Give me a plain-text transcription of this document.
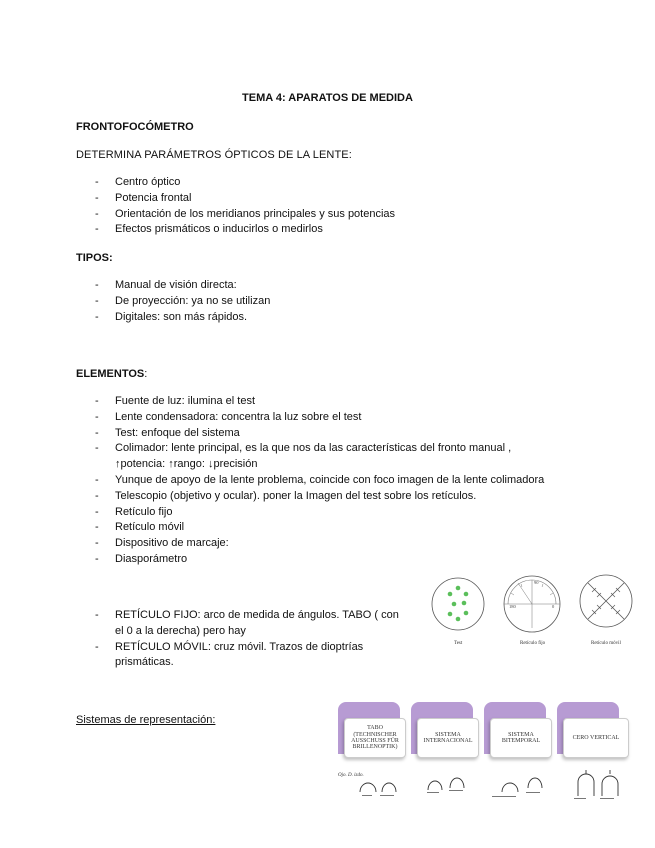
TEMA 4: APARATOS DE MEDIDA
FRONTOFOCÓMETRO
DETERMINA PARÁMETROS ÓPTICOS DE LA LENTE:
- Centro óptico
- Potencia frontal
- Orientación de los meridianos principales y sus potencias
- Efectos prismáticos o inducirlos o medirlos
TIPOS:
- Manual de visión directa:
- De proyección: ya no se utilizan
- Digitales: son más rápidos.
ELEMENTOS:
- Fuente de luz: ilumina el test
- Lente condensadora: concentra la luz sobre el test
- Test: enfoque del sistema
- Colimador: lente principal, es la que nos da las características del fronto manual ,
↑potencia: ↑rango: ↓precisión
- Yunque de apoyo de la lente problema, coincide con foco imagen de la lente colimadora
- Telescopio (objetivo y ocular). poner la Imagen del test sobre los retículos.
- Retículo fijo
- Retículo móvil
- Dispositivo de marcaje:
- Diasporámetro
- RETÍCULO FIJO: arco de medida de ángulos. TABO ( con el 0 a la derecha) pero hay
- RETÍCULO MÓVIL: cruz móvil. Trazos de dioptrías prismáticas.
Sistemas de representación:
90
180	0
Test	Retículo fijo	Retículo móvil
TABO
(TECHNISCHER
AUSSCHUSS FÜR
BRILLENOPTIK)
SISTEMA
INTERNACIONAL
SISTEMA
BITEMPORAL
CERO VERTICAL
Ojo. D. izdo.
